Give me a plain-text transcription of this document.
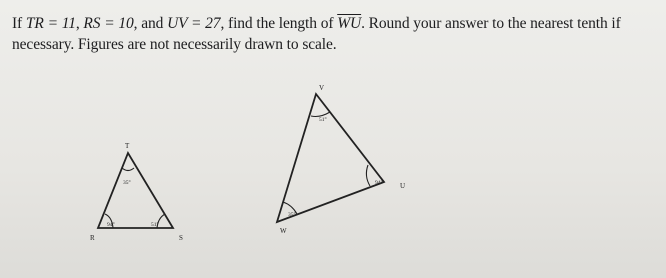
If TR = 11, RS = 10, and UV = 27, find the length of $\overline{WU}$. Round your answer to the nearest tenth if necessary. Figures are not necessarily drawn to scale.
T
R	S
35°
94°	51°
V
U
W
51°
94°
35°
